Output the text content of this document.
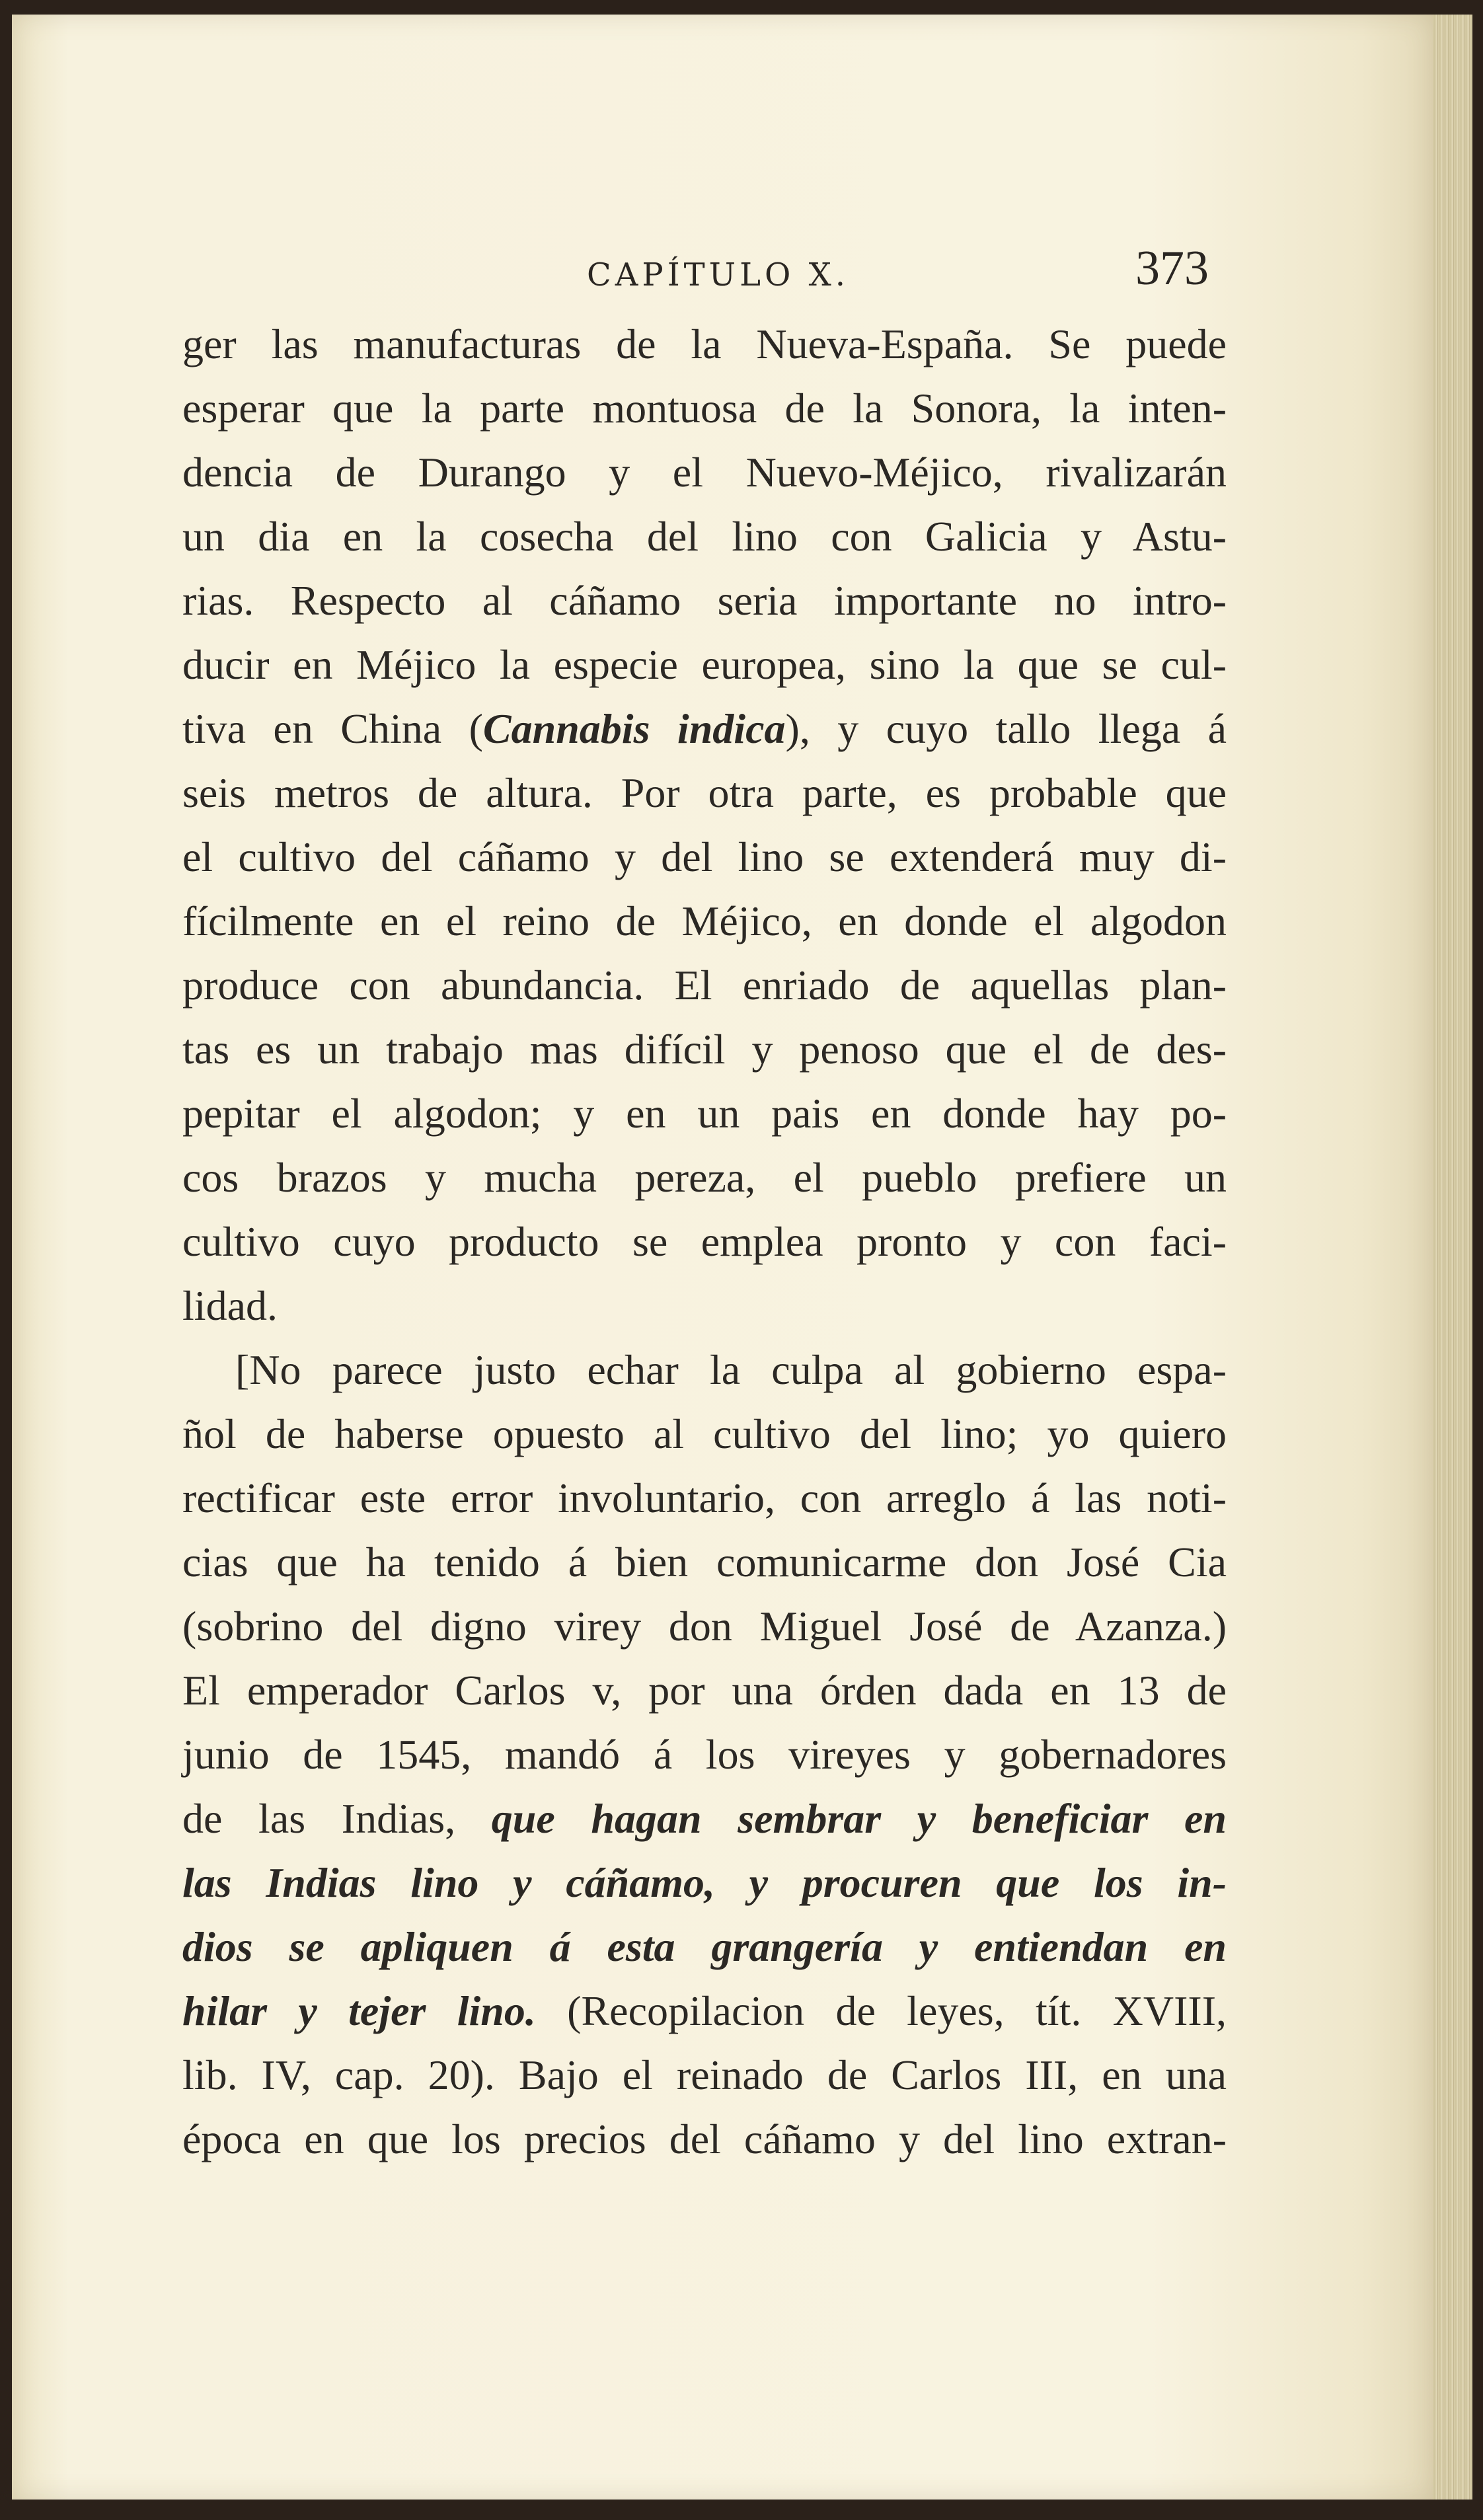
CAPÍTULO X.	373
ger las manufacturas de la Nueva-España. Se puede
esperar que la parte montuosa de la Sonora, la inten-
dencia de Durango y el Nuevo-Méjico, rivalizarán
un dia en la cosecha del lino con Galicia y Astu-
rias. Respecto al cáñamo seria importante no intro-
ducir en Méjico la especie europea, sino la que se cul-
tiva en China (Cannabis indica), y cuyo tallo llega á
seis metros de altura. Por otra parte, es probable que
el cultivo del cáñamo y del lino se extenderá muy di-
fícilmente en el reino de Méjico, en donde el algodon
produce con abundancia. El enriado de aquellas plan-
tas es un trabajo mas difícil y penoso que el de des-
pepitar el algodon; y en un pais en donde hay po-
cos brazos y mucha pereza, el pueblo prefiere un
cultivo cuyo producto se emplea pronto y con faci-
lidad.
[No parece justo echar la culpa al gobierno espa-
ñol de haberse opuesto al cultivo del lino; yo quiero
rectificar este error involuntario, con arreglo á las noti-
cias que ha tenido á bien comunicarme don José Cia
(sobrino del digno virey don Miguel José de Azanza.)
El emperador Carlos v, por una órden dada en 13 de
junio de 1545, mandó á los vireyes y gobernadores
de las Indias, que hagan sembrar y beneficiar en
las Indias lino y cáñamo, y procuren que los in-
dios se apliquen á esta grangería y entiendan en
hilar y tejer lino. (Recopilacion de leyes, tít. XVIII,
lib. IV, cap. 20). Bajo el reinado de Carlos III, en una
época en que los precios del cáñamo y del lino extran-
